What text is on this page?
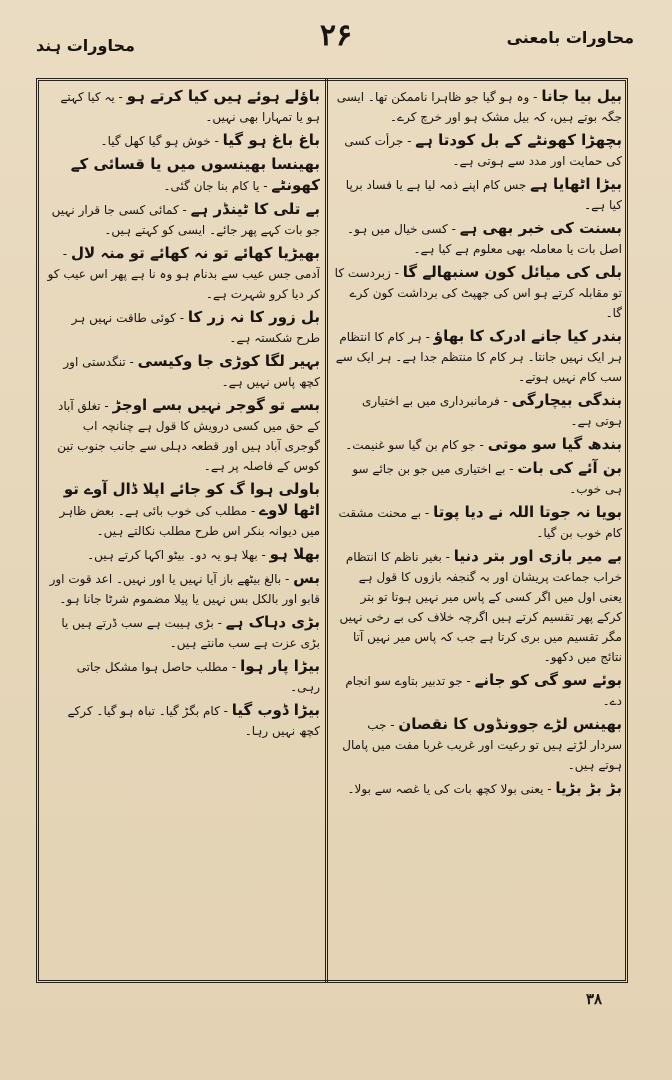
محاورات بامعنی
۲۶
محاورات ہند
بیل بیا جانا - وہ ہو گیا جو ظاہرا ناممکن تھا۔ ایسی جگہ بوتے ہیں، کہ بیل مشک ہو اور خرچ کرے۔
بچھڑا کھونٹے کے بل کودتا ہے - جرأت کسی کی حمایت اور مدد سے ہوتی ہے۔
بیڑا اٹھایا ہے جس کام اپنے ذمہ لیا ہے یا فساد برپا کیا ہے۔
بسنت کی خبر بھی ہے - کسی خیال میں ہو۔ اصل بات یا معاملہ بھی معلوم ہے کیا ہے۔
بلی کی میائل کون سنبھالے گا - زبردست کا تو مقابلہ کرتے ہو اس کی جھپٹ کی برداشت کون کرے گا۔
بندر کیا جانے ادرک کا بھاؤ - ہر کام کا انتظام ہر ایک نہیں جانتا۔ ہر کام کا منتظم جدا ہے۔ ہر ایک سے سب کام نہیں ہوتے۔
بندگی بیچارگی - فرمانبرداری میں بے اختیاری ہوتی ہے۔
بندھ گیا سو موتی - جو کام بن گیا سو غنیمت۔
بن آئے کی بات - بے اختیاری میں جو بن جائے سو ہی خوب۔
بویا نہ جوتا اللہ نے دیا پوتا - بے محنت مشقت کام خوب بن گیا۔
بے میر بازی اور بتر دنیا - بغیر ناظم کا انتظام خراب جماعت پریشان اور بہ گنجفہ بازوں کا قول ہے یعنی اول میں اگر کسی کے پاس میر نہیں ہوتا تو بتر کرکے پھر تقسیم کرتے ہیں اگرچہ خلاف کی بے رخی نہیں مگر تقسیم میں بری کرتا ہے جب کہ پاس میر نہیں آتا نتائج میں دکھو۔
بوئے سو گی کو جانے - جو تدبیر بتاوے سو انجام دے۔
بھینس لڑے جوونڈوں کا نقصان - جب سردار لڑتے ہیں تو رعیت اور غریب غربا مفت میں پامال ہوتے ہیں۔
بڑ بڑ بڑیا - یعنی بولا کچھ بات کی یا غصہ سے بولا۔
باؤلے ہوئے ہیں کیا کرتے ہو - یہ کیا کہتے ہو یا تمہارا بھی نہیں۔
باغ باغ ہو گیا - خوش ہو گیا کھل گیا۔
بھینسا بھینسوں میں یا قسائی کے کھونٹے - یا کام بنا جان گئی۔
بے تلی کا ٹینڈر ہے - کمائی کسی جا قرار نہیں جو بات کہے پھر جائے۔ ایسی کو کہتے ہیں۔
بھیڑیا کھائے تو نہ کھائے تو منہ لال - آدمی جس عیب سے بدنام ہو وہ نا ہے پھر اس عیب کو کر دیا کرو شہرت ہے۔
بل زور کا نہ زر کا - کوئی طاقت نہیں ہر طرح شکستہ ہے۔
بہیر لگا کوڑی جا وکیسی - تنگدستی اور کچھ پاس نہیں ہے۔
بسے تو گوجر نہیں بسے اوجڑ - تغلق آباد کے حق میں کسی درویش کا قول ہے چنانچہ اب گوجری آباد ہیں اور قطعہ دہلی سے جانب جنوب تین کوس کے فاصلہ پر ہے۔
باولی ہوا گ کو جائے اپلا ڈال آوے تو اٹھا لاوے - مطلب کی خوب بائی ہے۔ بعض ظاہر میں دیوانہ بنکر اس طرح مطلب نکالتے ہیں۔
بھلا ہو - بھلا ہو یہ دو۔ بیٹو اکہا کرتے ہیں۔
بس - بالغ بیٹھے باز آیا نہیں یا اور نہیں۔ اعد قوت اور قابو اور بالکل بس نہیں یا پیلا مضموم شرٹا جانا ہو۔
بڑی دہاک ہے - بڑی ہیبت ہے سب ڈرتے ہیں یا بڑی عزت ہے سب مانتے ہیں۔
بیڑا پار ہوا - مطلب حاصل ہوا مشکل جاتی رہی۔
بیڑا ڈوب گیا - کام بگڑ گیا۔ تباہ ہو گیا۔ کرکے کچھ نہیں رہا۔
۳۸
